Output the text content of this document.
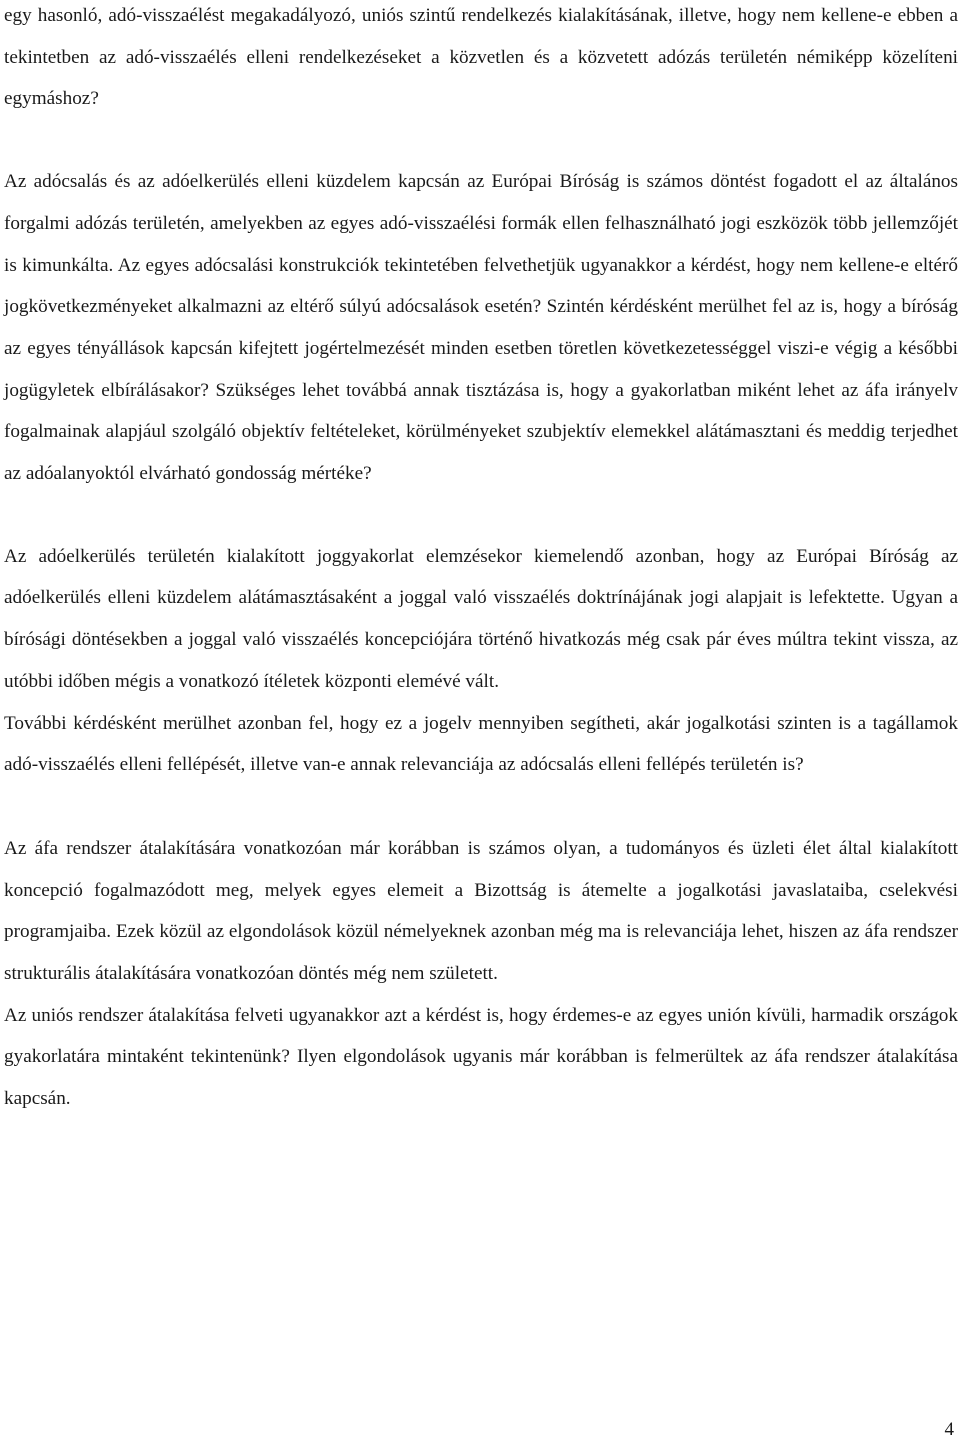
egy hasonló, adó-visszaélést megakadályozó, uniós szintű rendelkezés kialakításának, illetve, hogy nem kellene-e ebben a tekintetben az adó-visszaélés elleni rendelkezéseket a közvetlen és a közvetett adózás területén némiképp közelíteni egymáshoz?

Az adócsalás és az adóelkerülés elleni küzdelem kapcsán az Európai Bíróság is számos döntést fogadott el az általános forgalmi adózás területén, amelyekben az egyes adó-visszaélési formák ellen felhasználható jogi eszközök több jellemzőjét is kimunkálta. Az egyes adócsalási konstrukciók tekintetében felvethetjük ugyanakkor a kérdést, hogy nem kellene-e eltérő jogkövetkezményeket alkalmazni az eltérő súlyú adócsalások esetén? Szintén kérdésként merülhet fel az is, hogy a bíróság az egyes tényállások kapcsán kifejtett jogértelmezését minden esetben töretlen következetességgel viszi-e végig a későbbi jogügyletek elbírálásakor? Szükséges lehet továbbá annak tisztázása is, hogy a gyakorlatban miként lehet az áfa irányelv fogalmainak alapjául szolgáló objektív feltételeket, körülményeket szubjektív elemekkel alátámasztani és meddig terjedhet az adóalanyoktól elvárható gondosság mértéke?

Az adóelkerülés területén kialakított joggyakorlat elemzésekor kiemelendő azonban, hogy az Európai Bíróság az adóelkerülés elleni küzdelem alátámasztásaként a joggal való visszaélés doktrínájának jogi alapjait is lefektette. Ugyan a bírósági döntésekben a joggal való visszaélés koncepciójára történő hivatkozás még csak pár éves múltra tekint vissza, az utóbbi időben mégis a vonatkozó ítéletek központi elemévé vált.

További kérdésként merülhet azonban fel, hogy ez a jogelv mennyiben segítheti, akár jogalkotási szinten is a tagállamok adó-visszaélés elleni fellépését, illetve van-e annak relevanciája az adócsalás elleni fellépés területén is?

Az áfa rendszer átalakítására vonatkozóan már korábban is számos olyan, a tudományos és üzleti élet által kialakított koncepció fogalmazódott meg, melyek egyes elemeit a Bizottság is átemelte a jogalkotási javaslataiba, cselekvési programjaiba. Ezek közül az elgondolások közül némelyeknek azonban még ma is relevanciája lehet, hiszen az áfa rendszer strukturális átalakítására vonatkozóan döntés még nem született.

Az uniós rendszer átalakítása felveti ugyanakkor azt a kérdést is, hogy érdemes-e az egyes unión kívüli, harmadik országok gyakorlatára mintaként tekintenünk? Ilyen elgondolások ugyanis már korábban is felmerültek az áfa rendszer átalakítása kapcsán.

4
